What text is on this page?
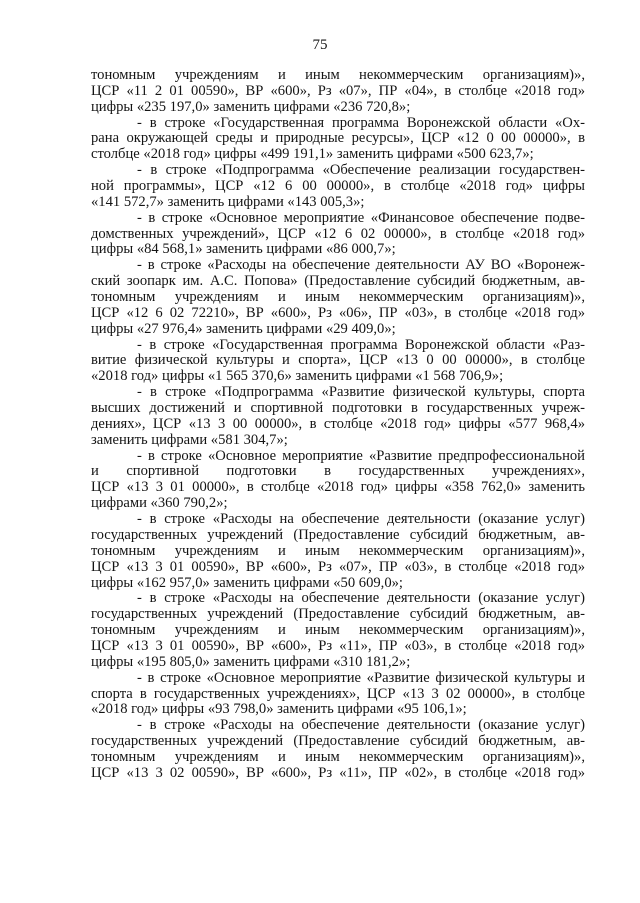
75
тономным учреждениям и иным некоммерческим организациям)»,
ЦСР «11 2 01 00590», ВР «600», Рз «07», ПР «04», в столбце «2018 год»
цифры «235 197,0» заменить цифрами «236 720,8»;
- в строке «Государственная программа Воронежской области «Ох-
рана окружающей среды и природные ресурсы», ЦСР «12 0 00 00000», в
столбце «2018 год» цифры «499 191,1» заменить цифрами «500 623,7»;
- в строке «Подпрограмма «Обеспечение реализации государствен-
ной программы», ЦСР «12 6 00 00000», в столбце «2018 год» цифры
«141 572,7» заменить цифрами «143 005,3»;
- в строке «Основное мероприятие «Финансовое обеспечение подве-
домственных учреждений», ЦСР «12 6 02 00000», в столбце «2018 год»
цифры «84 568,1» заменить цифрами «86 000,7»;
- в строке «Расходы на обеспечение деятельности АУ ВО «Воронеж-
ский зоопарк им. А.С. Попова» (Предоставление субсидий бюджетным, ав-
тономным учреждениям и иным некоммерческим организациям)»,
ЦСР «12 6 02 72210», ВР «600», Рз «06», ПР «03», в столбце «2018 год»
цифры «27 976,4» заменить цифрами «29 409,0»;
- в строке «Государственная программа Воронежской области «Раз-
витие физической культуры и спорта», ЦСР «13 0 00 00000», в столбце
«2018 год» цифры «1 565 370,6» заменить цифрами «1 568 706,9»;
- в строке «Подпрограмма «Развитие физической культуры, спорта
высших достижений и спортивной подготовки в государственных учреж-
дениях», ЦСР «13 3 00 00000», в столбце «2018 год» цифры «577 968,4»
заменить цифрами «581 304,7»;
- в строке «Основное мероприятие «Развитие предпрофессиональной
и спортивной подготовки в государственных учреждениях»,
ЦСР «13 3 01 00000», в столбце «2018 год» цифры «358 762,0» заменить
цифрами «360 790,2»;
- в строке «Расходы на обеспечение деятельности (оказание услуг)
государственных учреждений (Предоставление субсидий бюджетным, ав-
тономным учреждениям и иным некоммерческим организациям)»,
ЦСР «13 3 01 00590», ВР «600», Рз «07», ПР «03», в столбце «2018 год»
цифры «162 957,0» заменить цифрами «50 609,0»;
- в строке «Расходы на обеспечение деятельности (оказание услуг)
государственных учреждений (Предоставление субсидий бюджетным, ав-
тономным учреждениям и иным некоммерческим организациям)»,
ЦСР «13 3 01 00590», ВР «600», Рз «11», ПР «03», в столбце «2018 год»
цифры «195 805,0» заменить цифрами «310 181,2»;
- в строке «Основное мероприятие «Развитие физической культуры и
спорта в государственных учреждениях», ЦСР «13 3 02 00000», в столбце
«2018 год» цифры «93 798,0» заменить цифрами «95 106,1»;
- в строке «Расходы на обеспечение деятельности (оказание услуг)
государственных учреждений (Предоставление субсидий бюджетным, ав-
тономным учреждениям и иным некоммерческим организациям)»,
ЦСР «13 3 02 00590», ВР «600», Рз «11», ПР «02», в столбце «2018 год»
